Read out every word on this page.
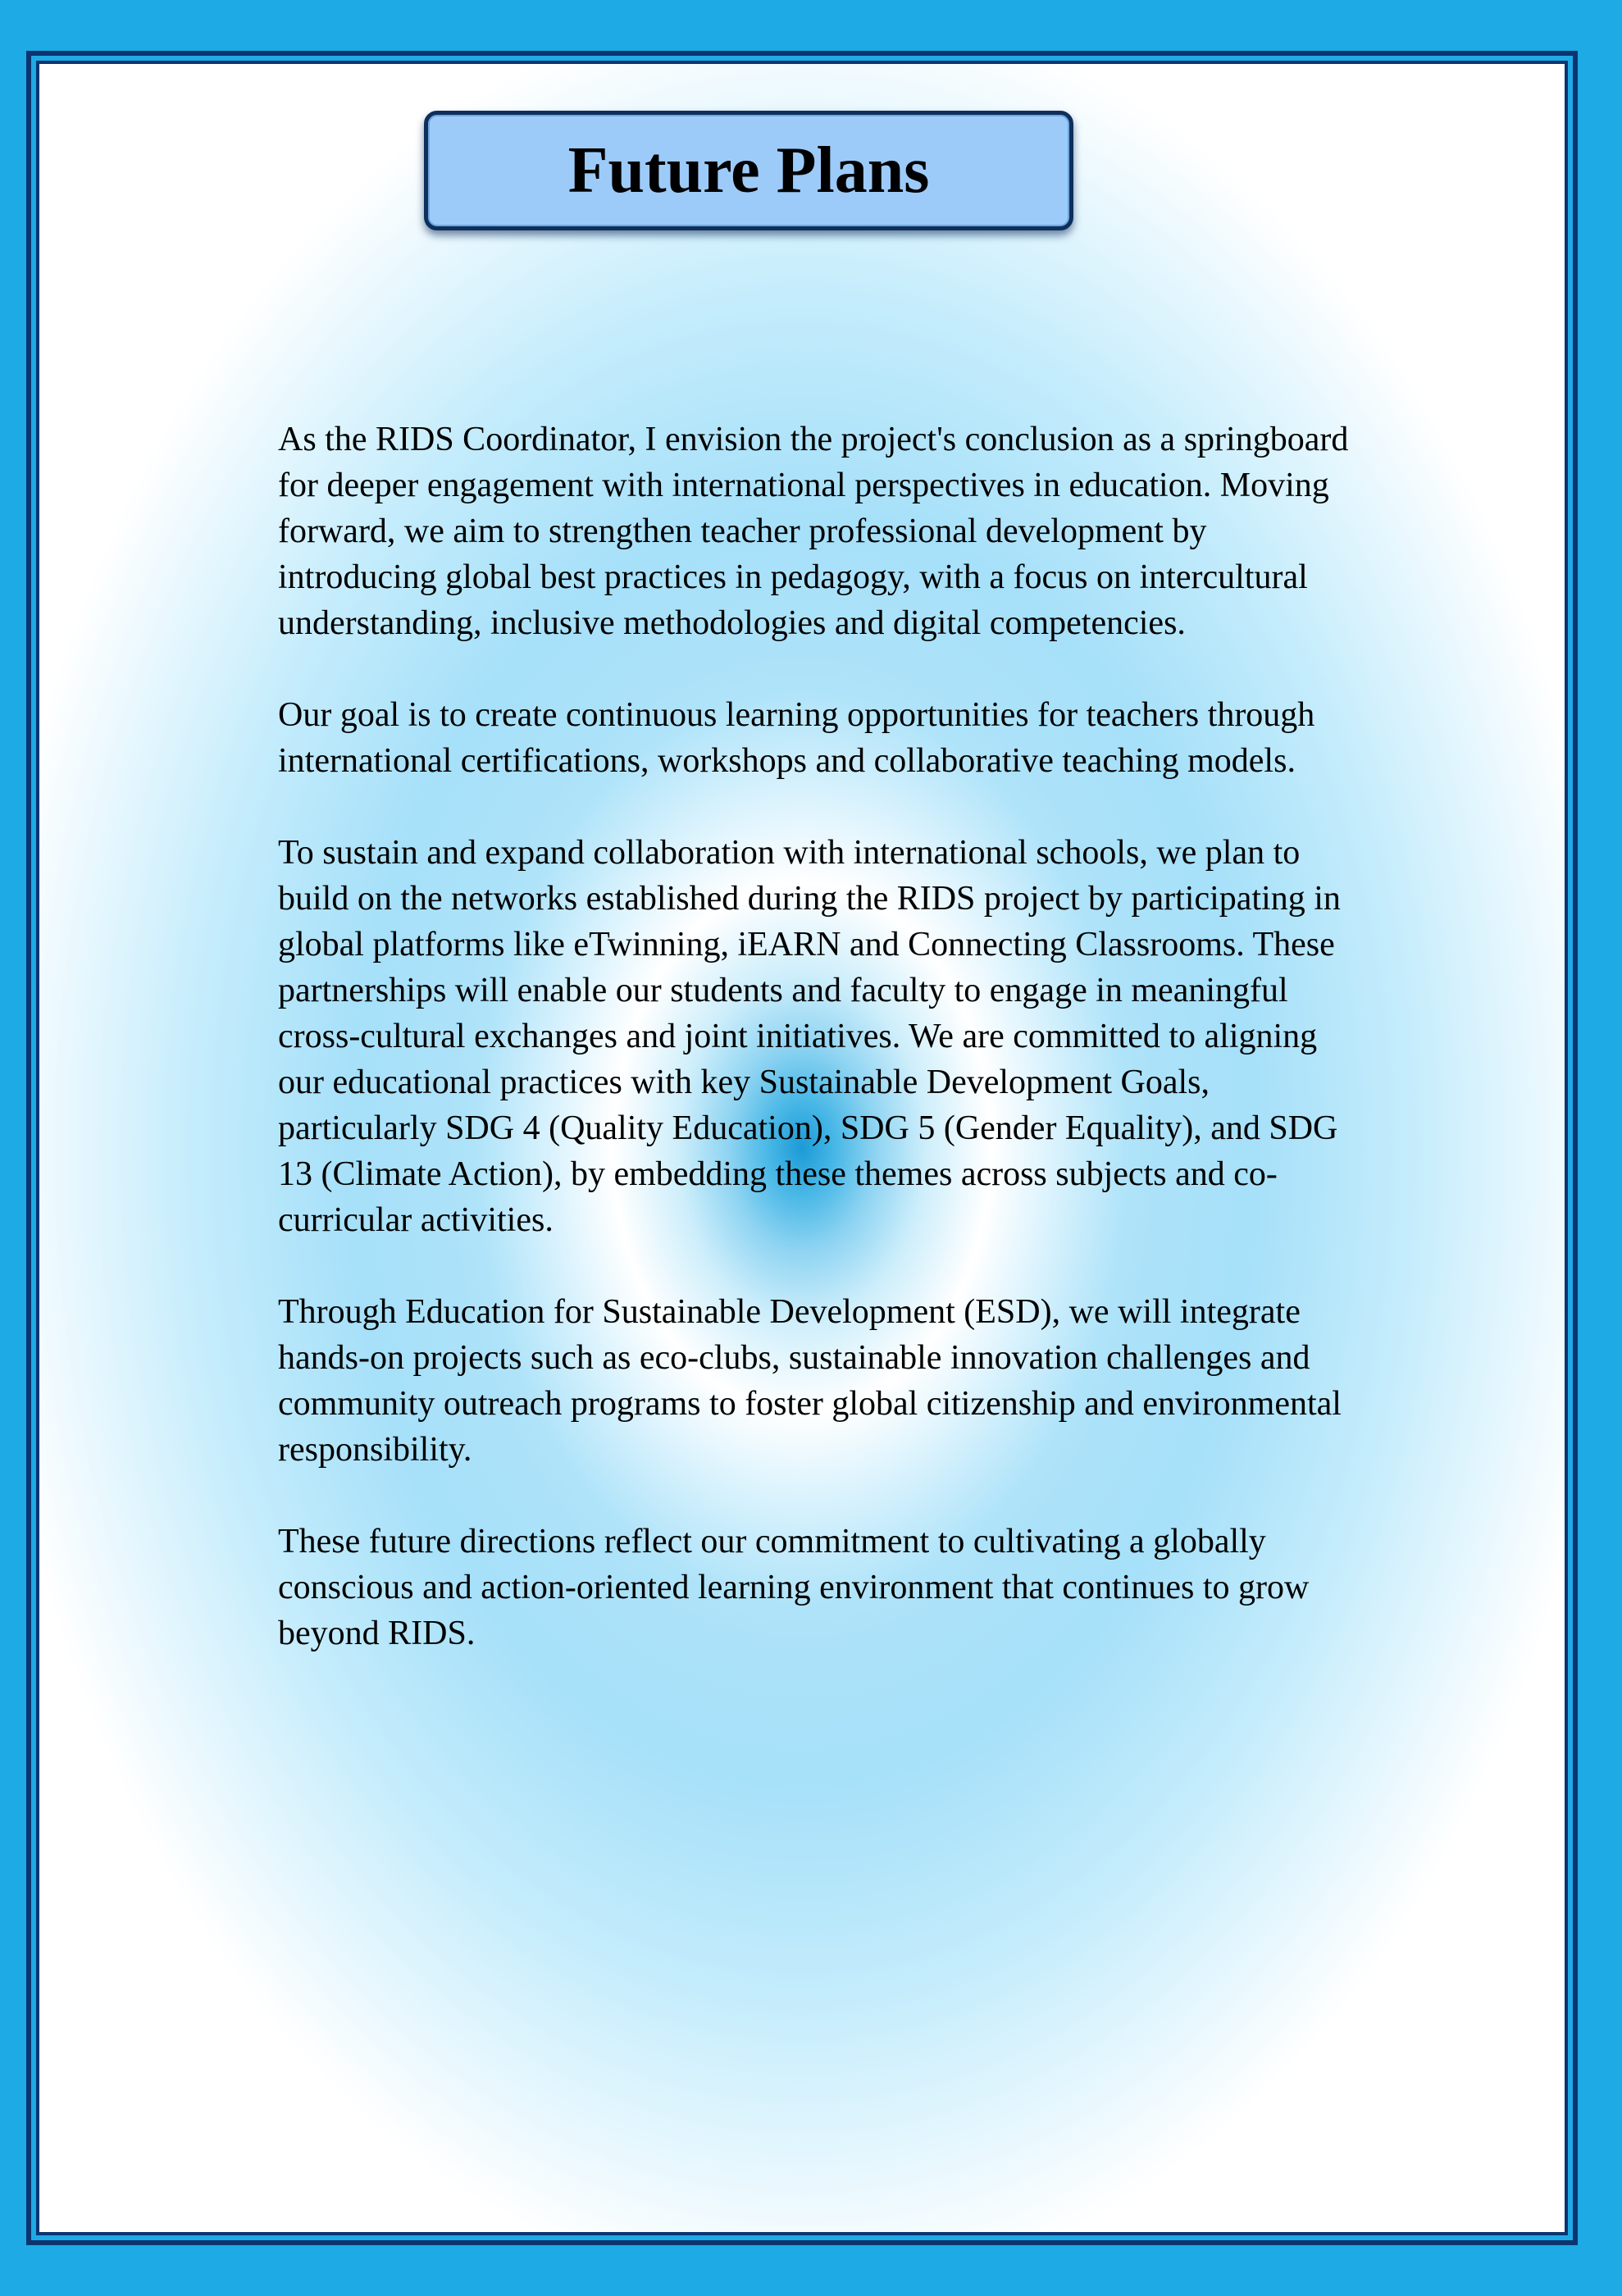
Future Plans

As the RIDS Coordinator, I envision the project's conclusion as a springboard for deeper engagement with international perspectives in education. Moving forward, we aim to strengthen teacher professional development by introducing global best practices in pedagogy, with a focus on intercultural understanding, inclusive methodologies and digital competencies.

Our goal is to create continuous learning opportunities for teachers through international certifications, workshops and collaborative teaching models.

To sustain and expand collaboration with international schools, we plan to build on the networks established during the RIDS project by participating in global platforms like eTwinning, iEARN and Connecting Classrooms. These partnerships will enable our students and faculty to engage in meaningful cross-cultural exchanges and joint initiatives. We are committed to aligning our educational practices with key Sustainable Development Goals, particularly SDG 4 (Quality Education), SDG 5 (Gender Equality), and SDG 13 (Climate Action), by embedding these themes across subjects and co-curricular activities.

Through Education for Sustainable Development (ESD), we will integrate hands-on projects such as eco-clubs, sustainable innovation challenges and community outreach programs to foster global citizenship and environmental responsibility.

These future directions reflect our commitment to cultivating a globally conscious and action-oriented learning environment that continues to grow beyond RIDS.
